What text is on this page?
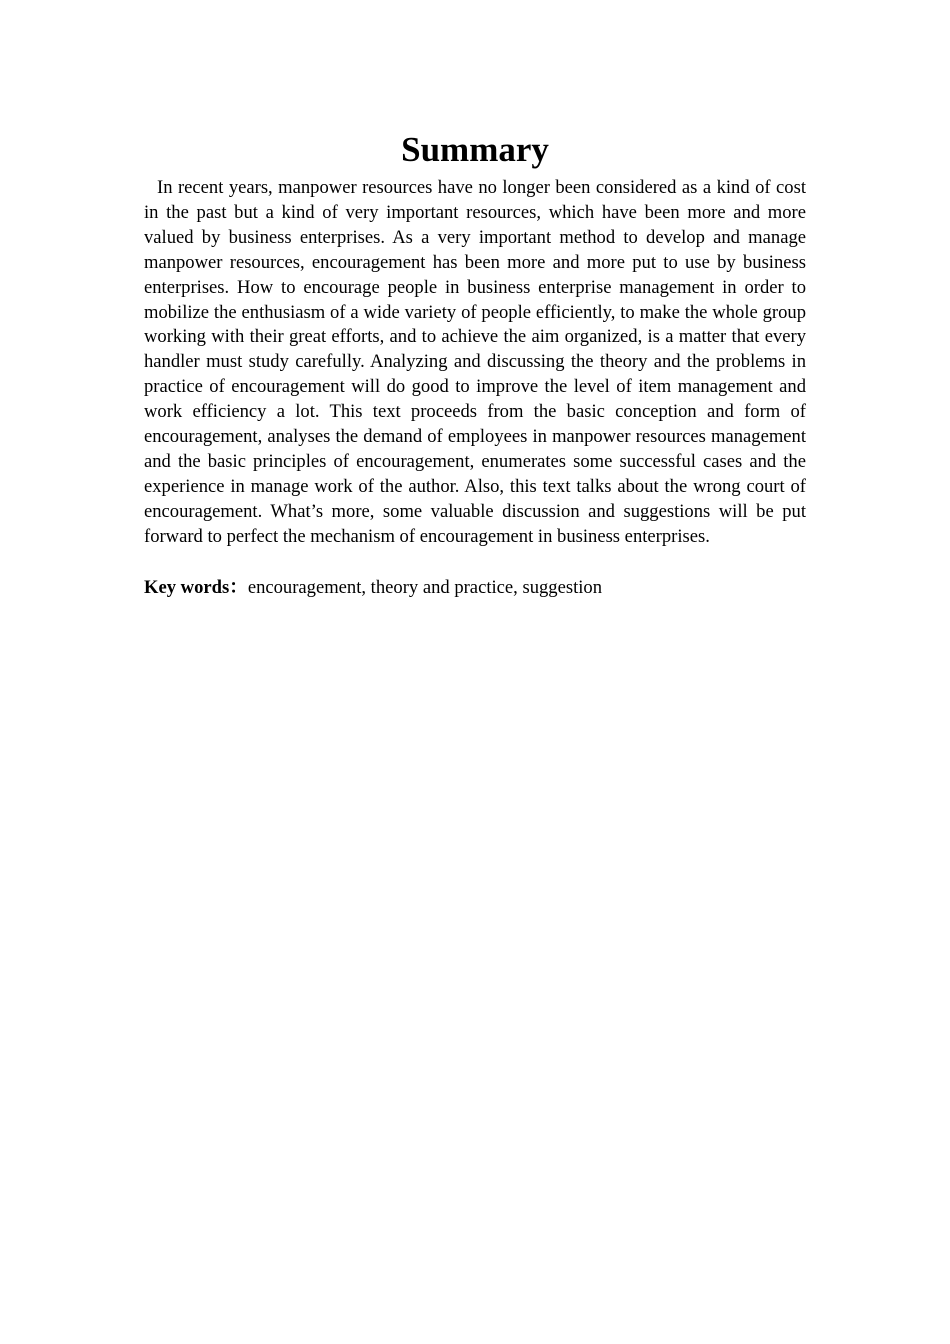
Summary

In recent years, manpower resources have no longer been considered as a kind of cost in the past but a kind of very important resources, which have been more and more valued by business enterprises. As a very important method to develop and manage manpower resources, encouragement has been more and more put to use by business enterprises. How to encourage people in business enterprise management in order to mobilize the enthusiasm of a wide variety of people efficiently, to make the whole group working with their great efforts, and to achieve the aim organized, is a matter that every handler must study carefully. Analyzing and discussing the theory and the problems in practice of encouragement will do good to improve the level of item management and work efficiency a lot. This text proceeds from the basic conception and form of encouragement, analyses the demand of employees in manpower resources management and the basic principles of encouragement, enumerates some successful cases and the experience in manage work of the author. Also, this text talks about the wrong court of encouragement. What’s more, some valuable discussion and suggestions will be put forward to perfect the mechanism of encouragement in business enterprises.

Key words：encouragement, theory and practice, suggestion
